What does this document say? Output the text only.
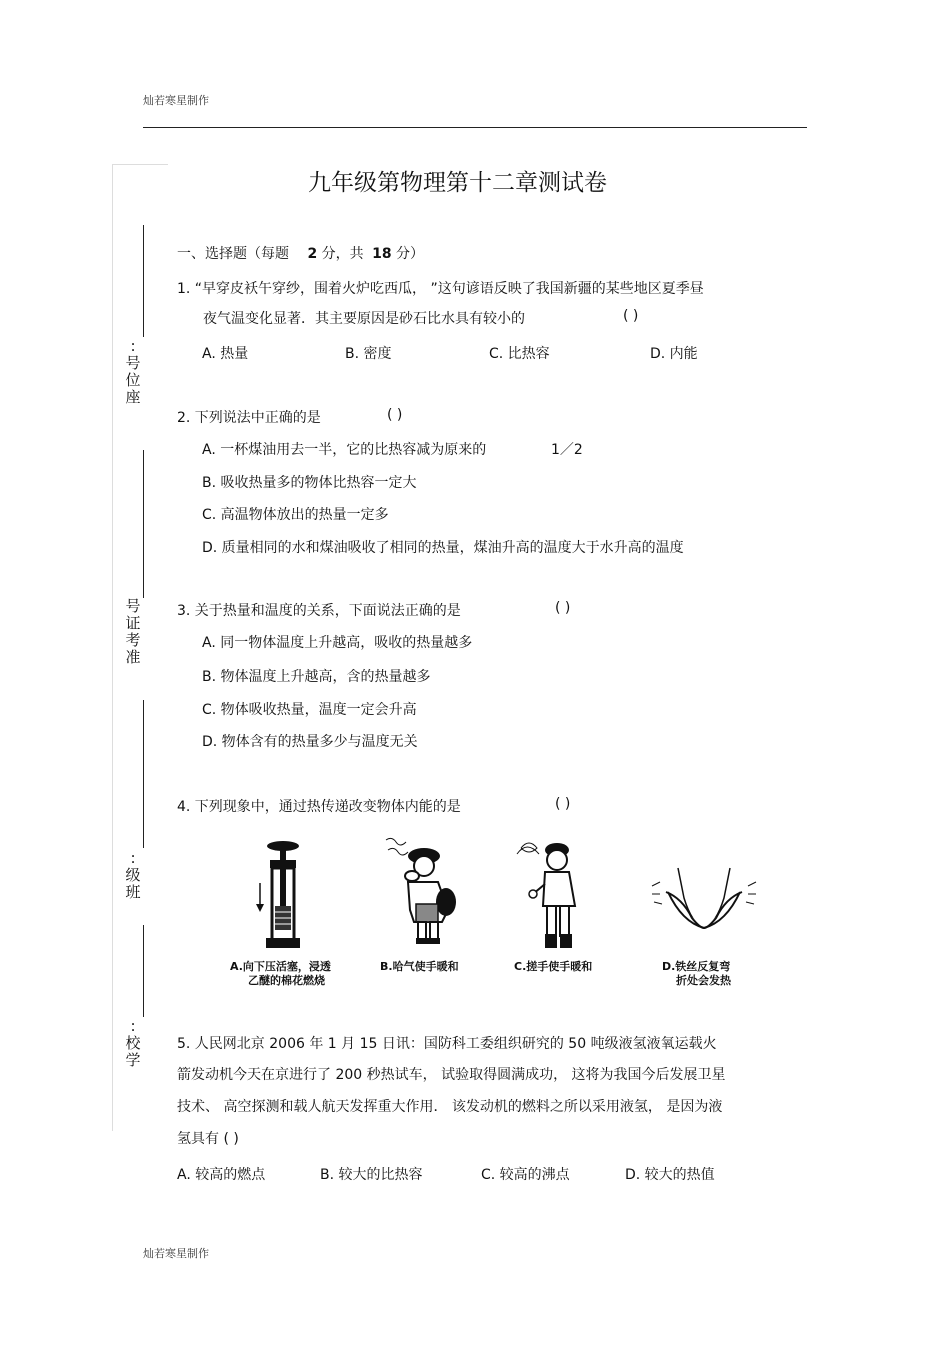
灿若寒星制作
灿若寒星制作
: 号位座
号证考准
: 级班
: 校学
九年级第物理第十二章测试卷
一、选择题（每题 2 分，共 18 分）
1. “早穿皮袄午穿纱，围着火炉吃西瓜， ”这句谚语反映了我国新疆的某些地区夏季昼
夜气温变化显著．其主要原因是砂石比水具有较小的	( )
A. 热量	B. 密度	C. 比热容	D. 内能
2. 下列说法中正确的是	( )
A. 一杯煤油用去一半，它的比热容减为原来的	1／2
B. 吸收热量多的物体比热容一定大
C. 高温物体放出的热量一定多
D. 质量相同的水和煤油吸收了相同的热量，煤油升高的温度大于水升高的温度
3. 关于热量和温度的关系，下面说法正确的是	( )
A. 同一物体温度上升越高，吸收的热量越多
B. 物体温度上升越高，含的热量越多
C. 物体吸收热量，温度一定会升高
D. 物体含有的热量多少与温度无关
4. 下列现象中，通过热传递改变物体内能的是	( )
A.向下压活塞，浸透
乙醚的棉花燃烧
B.哈气使手暖和	C.搓手使手暖和	D.铁丝反复弯
折处会发热
5. 人民网北京 2006 年 1 月 15 日讯：国防科工委组织研究的 50 吨级液氢液氧运载火
箭发动机今天在京进行了 200 秒热试车， 试验取得圆满成功， 这将为我国今后发展卫星
技术、 高空探测和载人航天发挥重大作用． 该发动机的燃料之所以采用液氢， 是因为液
氢具有 ( )
A. 较高的燃点	B. 较大的比热容	C. 较高的沸点	D. 较大的热值
